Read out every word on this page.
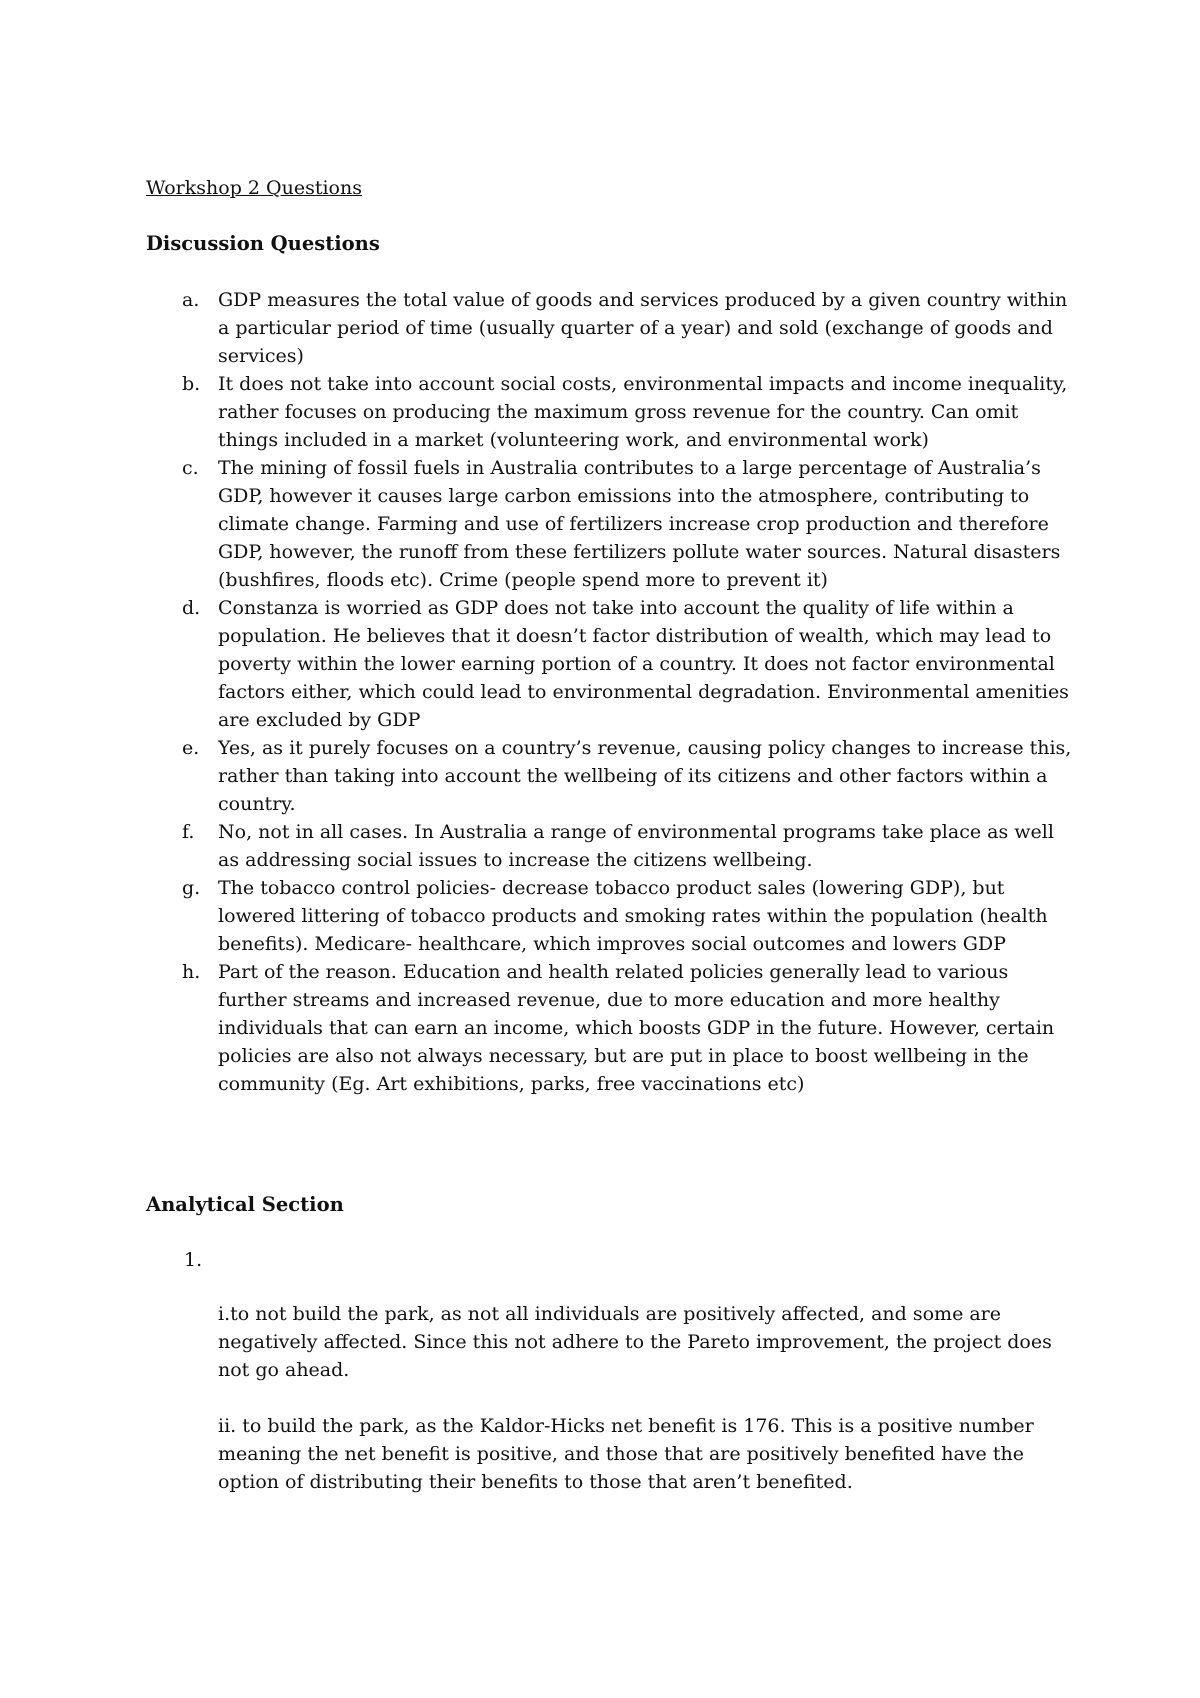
Workshop 2 Questions
Discussion Questions
a. GDP measures the total value of goods and services produced by a given country within a particular period of time (usually quarter of a year) and sold (exchange of goods and services)
b. It does not take into account social costs, environmental impacts and income inequality, rather focuses on producing the maximum gross revenue for the country. Can omit things included in a market (volunteering work, and environmental work)
c.	The mining of fossil fuels in Australia contributes to a large percentage of Australia’s GDP, however it causes large carbon emissions into the atmosphere, contributing to climate change. Farming and use of fertilizers increase crop production and therefore GDP, however, the runoff from these fertilizers pollute water sources. Natural disasters (bushfires, floods etc). Crime (people spend more to prevent it)
d. Constanza is worried as GDP does not take into account the quality of life within a population. He believes that it doesn’t factor distribution of wealth, which may lead to poverty within the lower earning portion of a country. It does not factor environmental factors either, which could lead to environmental degradation. Environmental amenities are excluded by GDP
e. Yes, as it purely focuses on a country’s revenue, causing policy changes to increase this, rather than taking into account the wellbeing of its citizens and other factors within a country.
f.	No, not in all cases. In Australia a range of environmental programs take place as well as addressing social issues to increase the citizens wellbeing.
g. The tobacco control policies- decrease tobacco product sales (lowering GDP), but lowered littering of tobacco products and smoking rates within the population (health benefits). Medicare- healthcare, which improves social outcomes and lowers GDP
h. Part of the reason. Education and health related policies generally lead to various further streams and increased revenue, due to more education and more healthy individuals that can earn an income, which boosts GDP in the future. However, certain policies are also not always necessary, but are put in place to boost wellbeing in the community (Eg. Art exhibitions, parks, free vaccinations etc)
Analytical Section
1.
i.to not build the park, as not all individuals are positively affected, and some are negatively affected. Since this not adhere to the Pareto improvement, the project does not go ahead.
ii. to build the park, as the Kaldor-Hicks net benefit is 176. This is a positive number meaning the net benefit is positive, and those that are positively benefited have the option of distributing their benefits to those that aren’t benefited.
